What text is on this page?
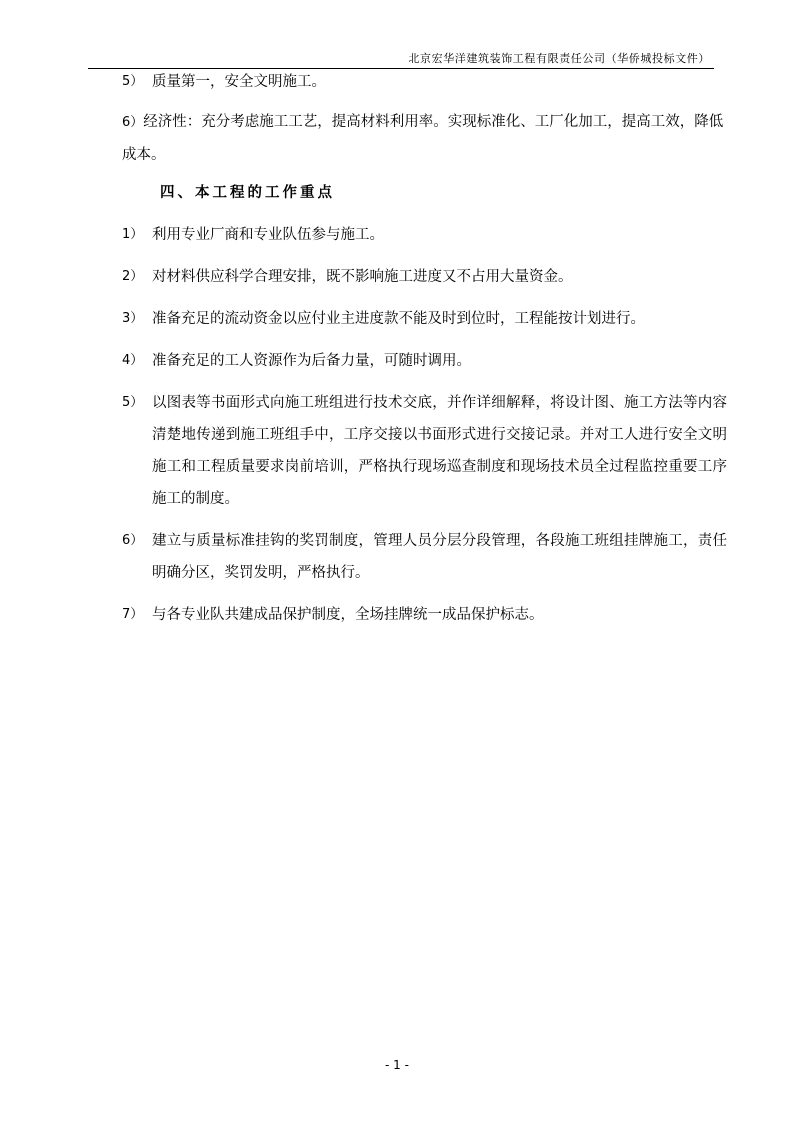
北京宏华洋建筑装饰工程有限责任公司（华侨城投标文件）
5） 质量第一，安全文明施工。
6）经济性：充分考虑施工工艺，提高材料利用率。实现标准化、工厂化加工，提高工效，降低成本。
四、本工程的工作重点
1） 利用专业厂商和专业队伍参与施工。
2） 对材料供应科学合理安排，既不影响施工进度又不占用大量资金。
3） 准备充足的流动资金以应付业主进度款不能及时到位时，工程能按计划进行。
4） 准备充足的工人资源作为后备力量，可随时调用。
5） 以图表等书面形式向施工班组进行技术交底，并作详细解释，将设计图、施工方法等内容清楚地传递到施工班组手中，工序交接以书面形式进行交接记录。并对工人进行安全文明施工和工程质量要求岗前培训，严格执行现场巡查制度和现场技术员全过程监控重要工序施工的制度。
6） 建立与质量标准挂钩的奖罚制度，管理人员分层分段管理，各段施工班组挂牌施工，责任明确分区，奖罚发明，严格执行。
7） 与各专业队共建成品保护制度，全场挂牌统一成品保护标志。
- 1 -
